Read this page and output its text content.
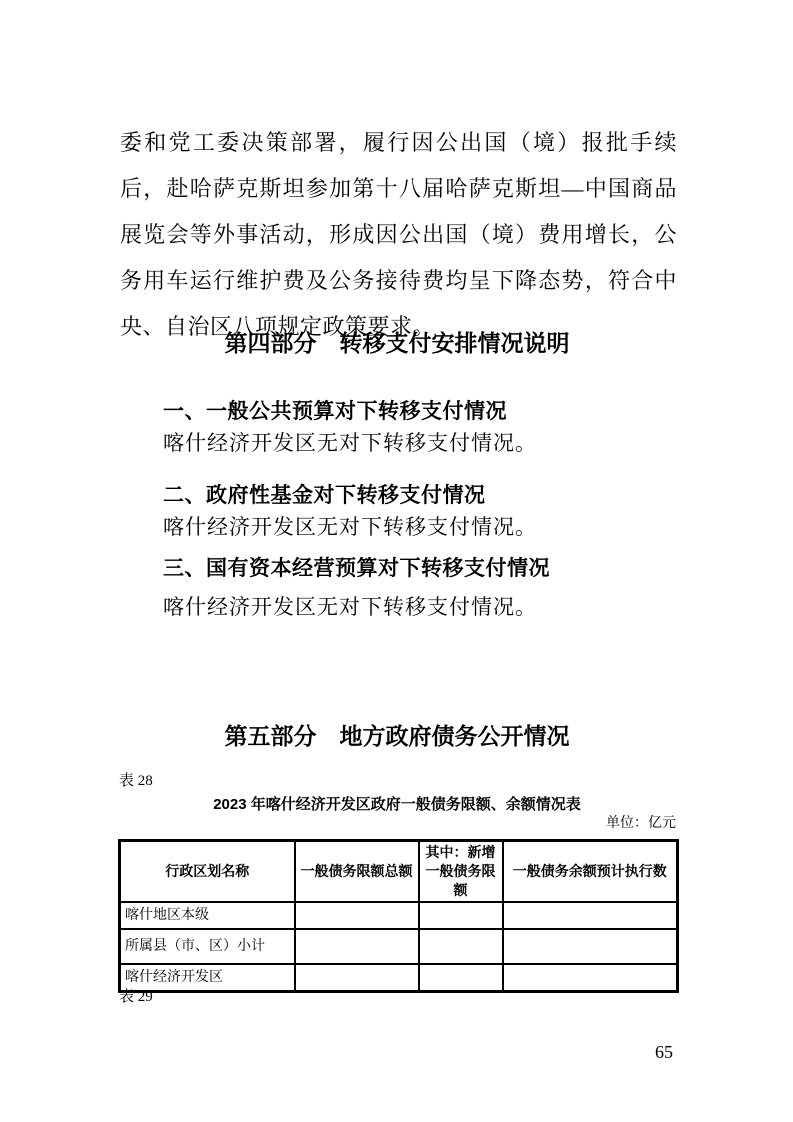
委和党工委决策部署，履行因公出国（境）报批手续后，赴哈萨克斯坦参加第十八届哈萨克斯坦—中国商品展览会等外事活动，形成因公出国（境）费用增长，公务用车运行维护费及公务接待费均呈下降态势，符合中央、自治区八项规定政策要求。

第四部分　转移支付安排情况说明
一、一般公共预算对下转移支付情况
喀什经济开发区无对下转移支付情况。
二、政府性基金对下转移支付情况
喀什经济开发区无对下转移支付情况。
三、国有资本经营预算对下转移支付情况
喀什经济开发区无对下转移支付情况。
第五部分　地方政府债务公开情况
表 28
2023 年喀什经济开发区政府一般债务限额、余额情况表
单位：亿元
行政区划名称	一般债务限额总额	其中：新增一般债务限额	一般债务余额预计执行数
喀什地区本级			
所属县（市、区）小计			
喀什经济开发区			
表 29
65
